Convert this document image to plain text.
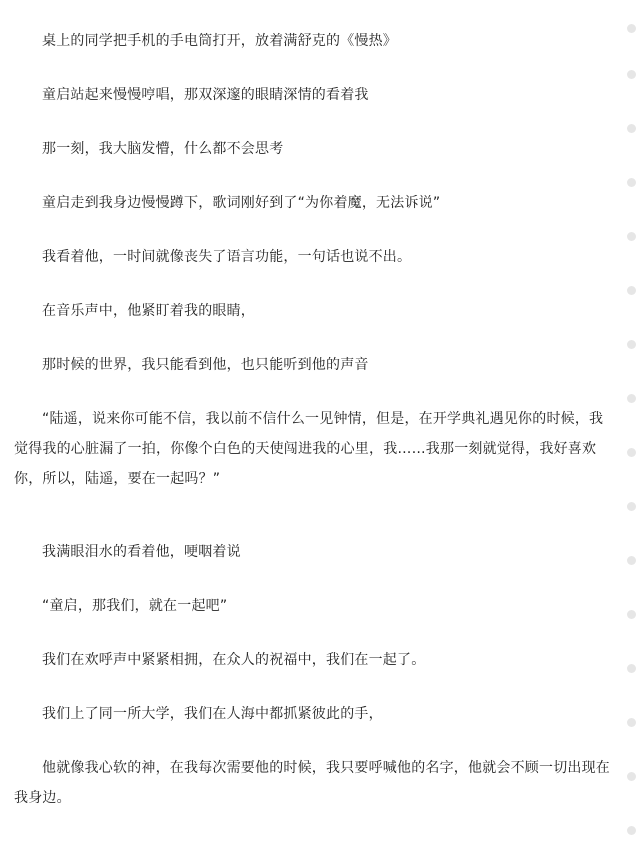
桌上的同学把手机的手电筒打开，放着满舒克的《慢热》

童启站起来慢慢哼唱，那双深邃的眼睛深情的看着我

那一刻，我大脑发懵，什么都不会思考

童启走到我身边慢慢蹲下，歌词刚好到了“为你着魔，无法诉说”

我看着他，一时间就像丧失了语言功能，一句话也说不出。

在音乐声中，他紧盯着我的眼睛，

那时候的世界，我只能看到他，也只能听到他的声音

“陆遥，说来你可能不信，我以前不信什么一见钟情，但是，在开学典礼遇见你的时候，我觉得我的心脏漏了一拍，你像个白色的天使闯进我的心里，我……我那一刻就觉得，我好喜欢你，所以，陆遥，要在一起吗？”

我满眼泪水的看着他，哽咽着说

“童启，那我们，就在一起吧”

我们在欢呼声中紧紧相拥，在众人的祝福中，我们在一起了。

我们上了同一所大学，我们在人海中都抓紧彼此的手，

他就像我心软的神，在我每次需要他的时候，我只要呼喊他的名字，他就会不顾一切出现在我身边。
